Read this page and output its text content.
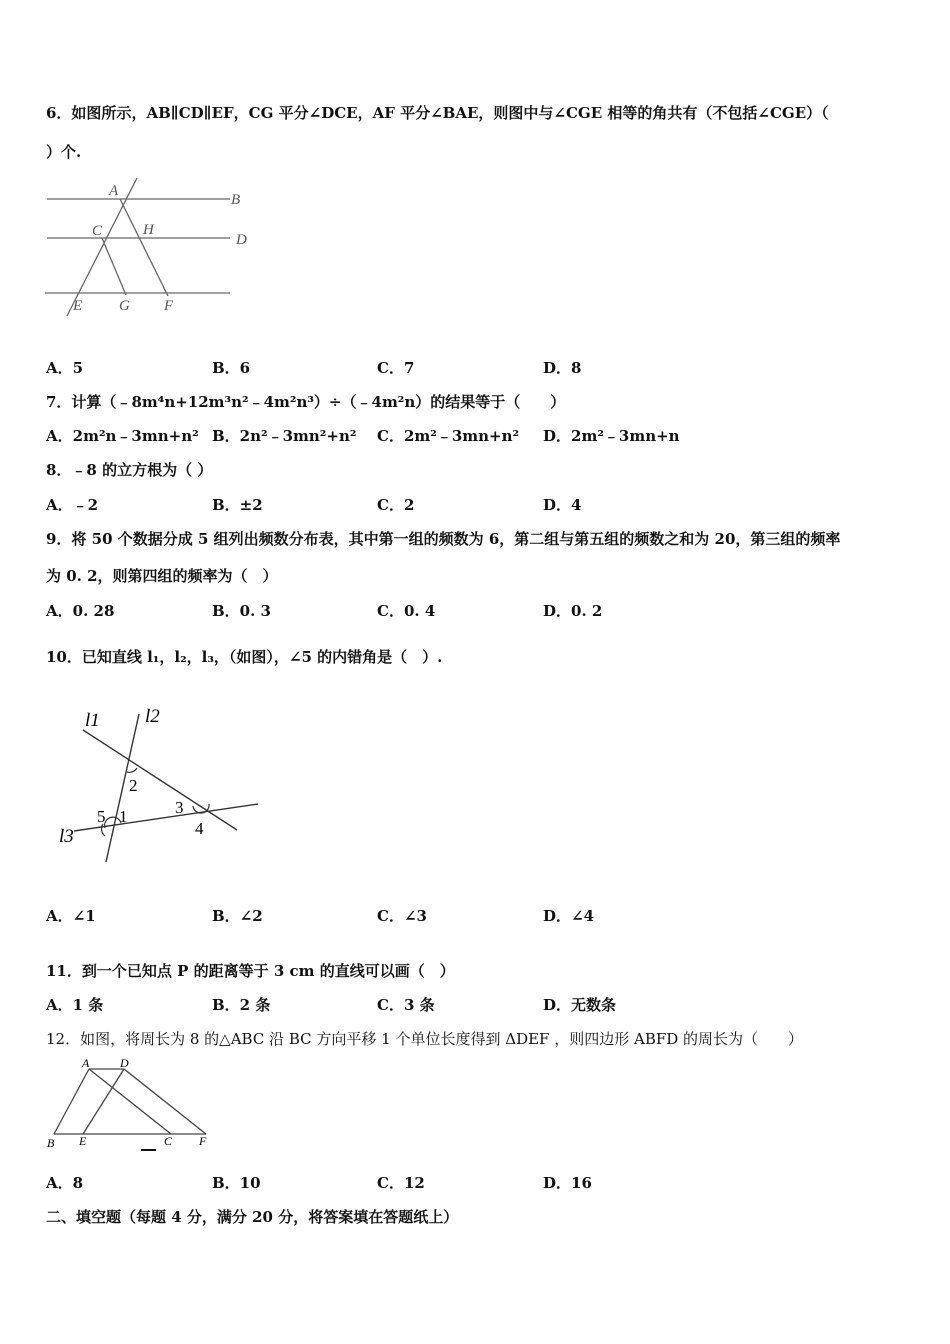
6．如图所示，AB∥CD∥EF，CG 平分∠DCE，AF 平分∠BAE，则图中与∠CGE 相等的角共有（不包括∠CGE）（
）个.
A
B
C	H
D
E G F
A．5	B．6	C．7	D．8
7．计算（﹣8m⁴n+12m³n²﹣4m²n³）÷（﹣4m²n）的结果等于（　　）
A．2m²n﹣3mn+n² B．2n²﹣3mn²+n² C．2m²﹣3mn+n² D．2m²﹣3mn+n
8．﹣8 的立方根为（ ）
A．﹣2	B．±2	C．2	D．4
9．将 50 个数据分成 5 组列出频数分布表，其中第一组的频数为 6，第二组与第五组的频数之和为 20，第三组的频率
为 0. 2，则第四组的频率为（　）
A．0. 28	B．0. 3	C．0. 4	D．0. 2
10．已知直线 l₁，l₂，l₃，（如图），∠5 的内错角是（　）.
l1 l2
2
3
5 1
4
l3
A．∠1	B．∠2	C．∠3	D．∠4
11．到一个已知点 P 的距离等于 3 cm 的直线可以画（　）
A．1 条	B．2 条	C．3 条	D．无数条
12．如图，将周长为 8 的△ABC 沿 BC 方向平移 1 个单位长度得到 ΔDEF ，则四边形 ABFD 的周长为（　　）
A	D
B E	C F
A．8	B．10	C．12	D．16
二、填空题（每题 4 分，满分 20 分，将答案填在答题纸上）
